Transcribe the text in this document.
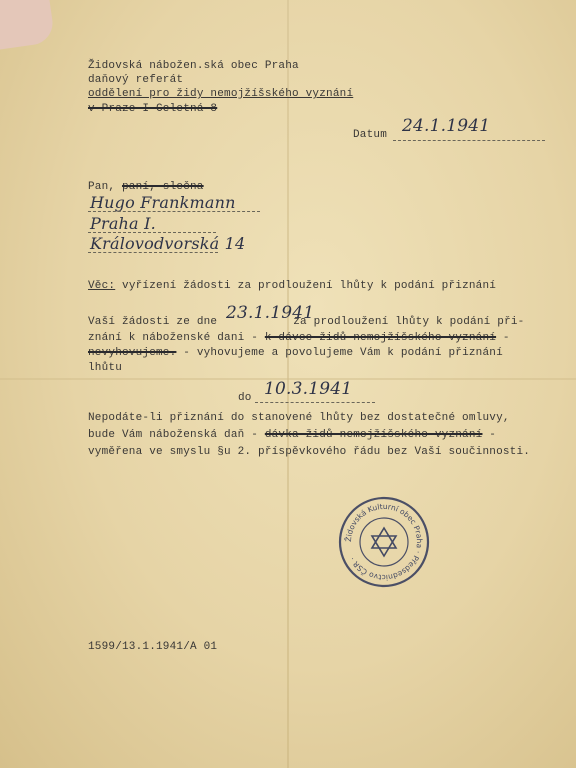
Židovská nábožen.ská obec Praha
daňový referát
oddělení pro židy nemojžíšského vyznání
v Praze I Celetná 8
Datum 24.1.1941
Pan, paní, slečna
Hugo Frankmann
Praha I.
Královodvorská 14
Věc: vyřízení žádosti za prodloužení lhůty k podání přiznání
Vaší žádosti ze dne	za prodloužení lhůty k podání při-
23.1.1941
znání k náboženské dani - k dávce židů nemojžíšského vyznání -
nevyhovujeme. - vyhovujeme a povolujeme Vám k podání přiznání
lhůtu
do 10.3.1941
Nepodáte-li přiznání do stanovené lhůty bez dostatečné omluvy,
bude Vám náboženská daň - dávka židů nemojžíšského vyznání -
vyměřena ve smyslu §u 2. příspěvkového řádu bez Vaší součinnosti.
Židovská Kulturní obec Praha · Předsednictvo ČSR ·
1599/13.1.1941/A 01
